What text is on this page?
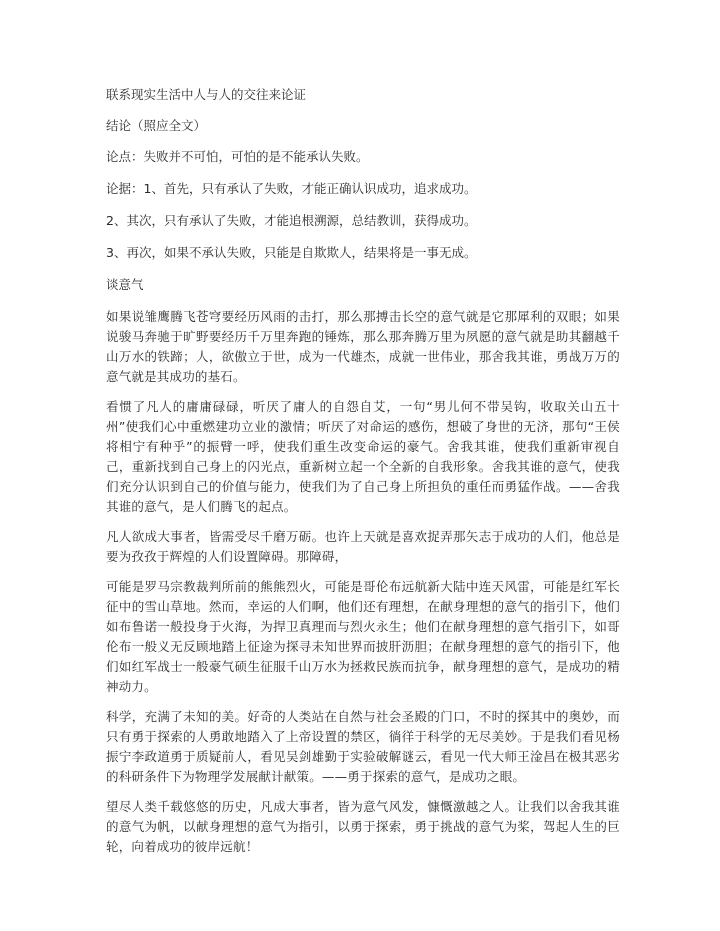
联系现实生活中人与人的交往来论证

结论（照应全文）

论点：失败并不可怕，可怕的是不能承认失败。

论据：1、首先，只有承认了失败，才能正确认识成功，追求成功。

2、其次，只有承认了失败，才能追根溯源，总结教训，获得成功。

3、再次，如果不承认失败，只能是自欺欺人，结果将是一事无成。

谈意气

如果说雏鹰腾飞苍穹要经历风雨的击打，那么那搏击长空的意气就是它那犀利的双眼；如果说骏马奔驰于旷野要经历千万里奔跑的锤炼，那么那奔腾万里为夙愿的意气就是助其翻越千山万水的铁蹄；人，欲傲立于世，成为一代雄杰，成就一世伟业，那舍我其谁，勇战万万的意气就是其成功的基石。

看惯了凡人的庸庸碌碌，听厌了庸人的自怨自艾，一句“男儿何不带吴钩，收取关山五十州”使我们心中重燃建功立业的激情；听厌了对命运的感伤，想破了身世的无济，那句“王侯将相宁有种乎”的振臂一呼，使我们重生改变命运的豪气。舍我其谁，使我们重新审视自己，重新找到自己身上的闪光点，重新树立起一个全新的自我形象。舍我其谁的意气，使我们充分认识到自己的价值与能力，使我们为了自己身上所担负的重任而勇猛作战。——舍我其谁的意气，是人们腾飞的起点。

凡人欲成大事者，皆需受尽千磨万砺。也许上天就是喜欢捉弄那矢志于成功的人们，他总是要为孜孜于辉煌的人们设置障碍。那障碍，

可能是罗马宗教裁判所前的熊熊烈火，可能是哥伦布远航新大陆中连天风雷，可能是红军长征中的雪山草地。然而，幸运的人们啊，他们还有理想，在献身理想的意气的指引下，他们如布鲁诺一般投身于火海，为捍卫真理而与烈火永生；他们在献身理想的意气指引下，如哥伦布一般义无反顾地踏上征途为探寻未知世界而披肝沥胆；在献身理想的意气的指引下，他们如红军战士一般豪气硕生征服千山万水为拯救民族而抗争，献身理想的意气，是成功的精神动力。

科学，充满了未知的美。好奇的人类站在自然与社会圣殿的门口，不时的探其中的奥妙，而只有勇于探索的人勇敢地踏入了上帝设置的禁区，徜徉于科学的无尽美妙。于是我们看见杨振宁李政道勇于质疑前人，看见吴剑雄勤于实验破解谜云，看见一代大师王淦昌在极其恶劣的科研条件下为物理学发展献计献策。——勇于探索的意气，是成功之眼。

望尽人类千载悠悠的历史，凡成大事者，皆为意气风发，慷慨激越之人。让我们以舍我其谁的意气为帆，以献身理想的意气为指引，以勇于探索，勇于挑战的意气为桨，驾起人生的巨轮，向着成功的彼岸远航！
